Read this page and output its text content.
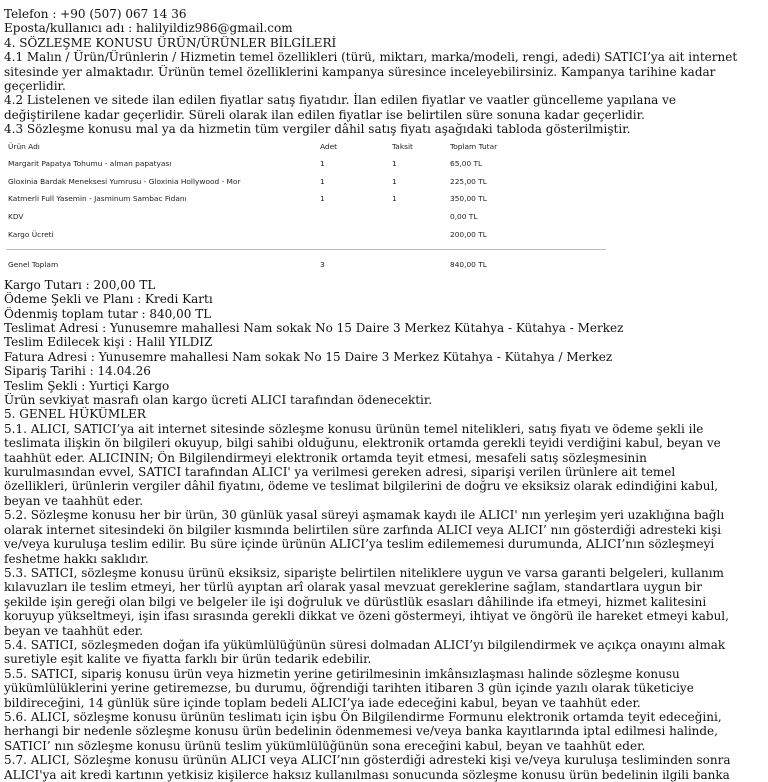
Telefon : +90 (507) 067 14 36
Eposta/kullanıcı adı : halilyildiz986@gmail.com
4. SÖZLEŞME KONUSU ÜRÜN/ÜRÜNLER BİLGİLERİ
4.1 Malın / Ürün/Ürünlerin / Hizmetin temel özellikleri (türü, miktarı, marka/modeli, rengi, adedi) SATICI’ya ait internet
sitesinde yer almaktadır. Ürünün temel özelliklerini kampanya süresince inceleyebilirsiniz. Kampanya tarihine kadar
geçerlidir.
4.2 Listelenen ve sitede ilan edilen fiyatlar satış fiyatıdır. İlan edilen fiyatlar ve vaatler güncelleme yapılana ve
değiştirilene kadar geçerlidir. Süreli olarak ilan edilen fiyatlar ise belirtilen süre sonuna kadar geçerlidir.
4.3 Sözleşme konusu mal ya da hizmetin tüm vergiler dâhil satış fiyatı aşağıdaki tabloda gösterilmiştir.
Ürün Adı	Adet	Taksit	Toplam Tutar
Margarit Papatya Tohumu - alman papatyası	1	1	65,00 TL
Gloxinia Bardak Meneksesi Yumrusu - Gloxinia Hollywood - Mor	1	1	225,00 TL
Katmerli Full Yasemin - Jasminum Sambac Fidanı	1	1	350,00 TL
KDV			0,00 TL
Kargo Ücreti			200,00 TL

Genel Toplam	3		840,00 TL
Kargo Tutarı : 200,00 TL
Ödeme Şekli ve Planı : Kredi Kartı
Ödenmiş toplam tutar : 840,00 TL
Teslimat Adresi : Yunusemre mahallesi Nam sokak No 15 Daire 3 Merkez Kütahya - Kütahya - Merkez
Teslim Edilecek kişi : Halil YILDIZ
Fatura Adresi : Yunusemre mahallesi Nam sokak No 15 Daire 3 Merkez Kütahya - Kütahya / Merkez
Sipariş Tarihi : 14.04.26
Teslim Şekli : Yurtiçi Kargo
Ürün sevkiyat masrafı olan kargo ücreti ALICI tarafından ödenecektir.
5. GENEL HÜKÜMLER
5.1. ALICI, SATICI’ya ait internet sitesinde sözleşme konusu ürünün temel nitelikleri, satış fiyatı ve ödeme şekli ile
teslimata ilişkin ön bilgileri okuyup, bilgi sahibi olduğunu, elektronik ortamda gerekli teyidi verdiğini kabul, beyan ve
taahhüt eder. ALICININ; Ön Bilgilendirmeyi elektronik ortamda teyit etmesi, mesafeli satış sözleşmesinin
kurulmasından evvel, SATICI tarafından ALICI' ya verilmesi gereken adresi, siparişi verilen ürünlere ait temel
özellikleri, ürünlerin vergiler dâhil fiyatını, ödeme ve teslimat bilgilerini de doğru ve eksiksiz olarak edindiğini kabul,
beyan ve taahhüt eder.
5.2. Sözleşme konusu her bir ürün, 30 günlük yasal süreyi aşmamak kaydı ile ALICI' nın yerleşim yeri uzaklığına bağlı
olarak internet sitesindeki ön bilgiler kısmında belirtilen süre zarfında ALICI veya ALICI’ nın gösterdiği adresteki kişi
ve/veya kuruluşa teslim edilir. Bu süre içinde ürünün ALICI’ya teslim edilememesi durumunda, ALICI’nın sözleşmeyi
feshetme hakkı saklıdır.
5.3. SATICI, sözleşme konusu ürünü eksiksiz, siparişte belirtilen niteliklere uygun ve varsa garanti belgeleri, kullanım
kılavuzları ile teslim etmeyi, her türlü ayıptan arî olarak yasal mevzuat gereklerine sağlam, standartlara uygun bir
şekilde işin gereği olan bilgi ve belgeler ile işi doğruluk ve dürüstlük esasları dâhilinde ifa etmeyi, hizmet kalitesini
koruyup yükseltmeyi, işin ifası sırasında gerekli dikkat ve özeni göstermeyi, ihtiyat ve öngörü ile hareket etmeyi kabul,
beyan ve taahhüt eder.
5.4. SATICI, sözleşmeden doğan ifa yükümlülüğünün süresi dolmadan ALICI’yı bilgilendirmek ve açıkça onayını almak
suretiyle eşit kalite ve fiyatta farklı bir ürün tedarik edebilir.
5.5. SATICI, sipariş konusu ürün veya hizmetin yerine getirilmesinin imkânsızlaşması halinde sözleşme konusu
yükümlülüklerini yerine getiremezse, bu durumu, öğrendiği tarihten itibaren 3 gün içinde yazılı olarak tüketiciye
bildireceğini, 14 günlük süre içinde toplam bedeli ALICI’ya iade edeceğini kabul, beyan ve taahhüt eder.
5.6. ALICI, sözleşme konusu ürünün teslimatı için işbu Ön Bilgilendirme Formunu elektronik ortamda teyit edeceğini,
herhangi bir nedenle sözleşme konusu ürün bedelinin ödenmemesi ve/veya banka kayıtlarında iptal edilmesi halinde,
SATICI’ nın sözleşme konusu ürünü teslim yükümlülüğünün sona ereceğini kabul, beyan ve taahhüt eder.
5.7. ALICI, Sözleşme konusu ürünün ALICI veya ALICI’nın gösterdiği adresteki kişi ve/veya kuruluşa tesliminden sonra
ALICI'ya ait kredi kartının yetkisiz kişilerce haksız kullanılması sonucunda sözleşme konusu ürün bedelinin ilgili banka
